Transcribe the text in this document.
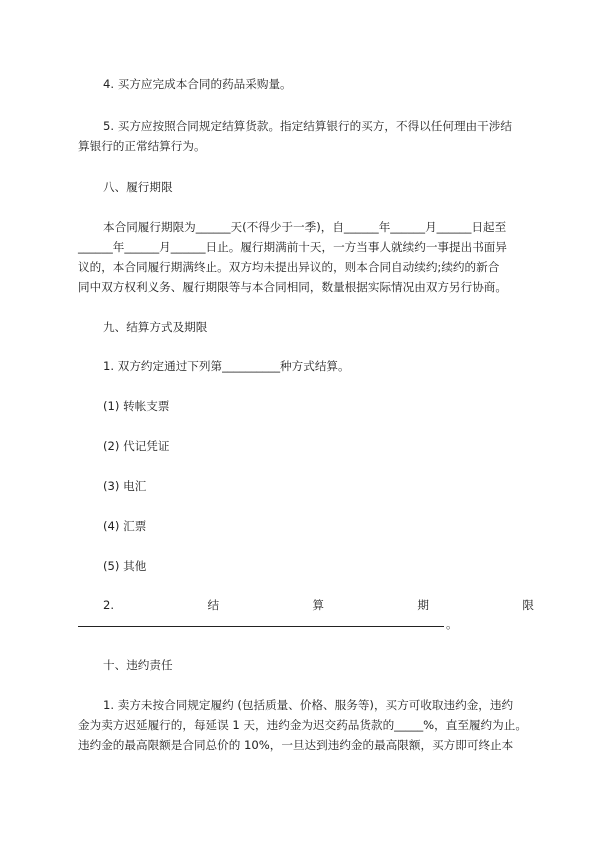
4. 买方应完成本合同的药品采购量。
5. 买方应按照合同规定结算货款。指定结算银行的买方，不得以任何理由干涉结
算银行的正常结算行为。
八、履行期限
本合同履行期限为______天(不得少于一季)，自______年______月______日起至
______年______月______日止。履行期满前十天，一方当事人就续约一事提出书面异
议的，本合同履行期满终止。双方均未提出异议的，则本合同自动续约;续约的新合
同中双方权利义务、履行期限等与本合同相同，数量根据实际情况由双方另行协商。
九、结算方式及期限
1. 双方约定通过下列第__________种方式结算。
(1) 转帐支票
(2) 代记凭证
(3) 电汇
(4) 汇票
(5) 其他
2.	结	算	期	限
。
十、违约责任
1. 卖方未按合同规定履约 (包括质量、价格、服务等)，买方可收取违约金，违约
金为卖方迟延履行的，每延误 1 天，违约金为迟交药品货款的_____%，直至履约为止。
违约金的最高限额是合同总价的 10%，一旦达到违约金的最高限额，买方即可终止本
